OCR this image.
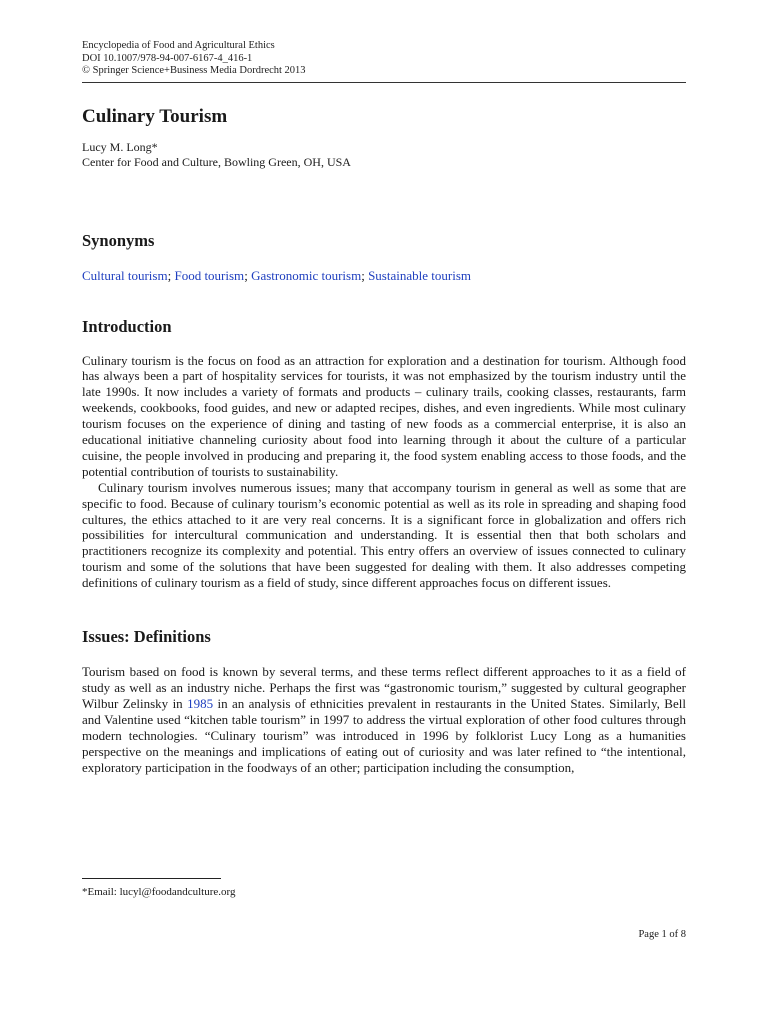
Encyclopedia of Food and Agricultural Ethics
DOI 10.1007/978-94-007-6167-4_416-1
© Springer Science+Business Media Dordrecht 2013
Culinary Tourism
Lucy M. Long*
Center for Food and Culture, Bowling Green, OH, USA
Synonyms
Cultural tourism; Food tourism; Gastronomic tourism; Sustainable tourism
Introduction

Culinary tourism is the focus on food as an attraction for exploration and a destination for tourism. Although food has always been a part of hospitality services for tourists, it was not emphasized by the tourism industry until the late 1990s. It now includes a variety of formats and products – culinary trails, cooking classes, restaurants, farm weekends, cookbooks, food guides, and new or adapted recipes, dishes, and even ingredients. While most culinary tourism focuses on the experience of dining and tasting of new foods as a commercial enterprise, it is also an educational initiative channeling curiosity about food into learning through it about the culture of a particular cuisine, the people involved in producing and preparing it, the food system enabling access to those foods, and the potential contribution of tourists to sustainability.

Culinary tourism involves numerous issues; many that accompany tourism in general as well as some that are specific to food. Because of culinary tourism’s economic potential as well as its role in spreading and shaping food cultures, the ethics attached to it are very real concerns. It is a significant force in globalization and offers rich possibilities for intercultural communication and understanding. It is essential then that both scholars and practitioners recognize its complexity and potential. This entry offers an overview of issues connected to culinary tourism and some of the solutions that have been suggested for dealing with them. It also addresses competing definitions of culinary tourism as a field of study, since different approaches focus on different issues.

Issues: Definitions

Tourism based on food is known by several terms, and these terms reflect different approaches to it as a field of study as well as an industry niche. Perhaps the first was “gastronomic tourism,” suggested by cultural geographer Wilbur Zelinsky in 1985 in an analysis of ethnicities prevalent in restaurants in the United States. Similarly, Bell and Valentine used “kitchen table tourism” in 1997 to address the virtual exploration of other food cultures through modern technologies. “Culinary tourism” was introduced in 1996 by folklorist Lucy Long as a humanities perspective on the meanings and implications of eating out of curiosity and was later refined to “the intentional, exploratory participation in the foodways of an other; participation including the consumption,

*Email: lucyl@foodandculture.org
Page 1 of 8
